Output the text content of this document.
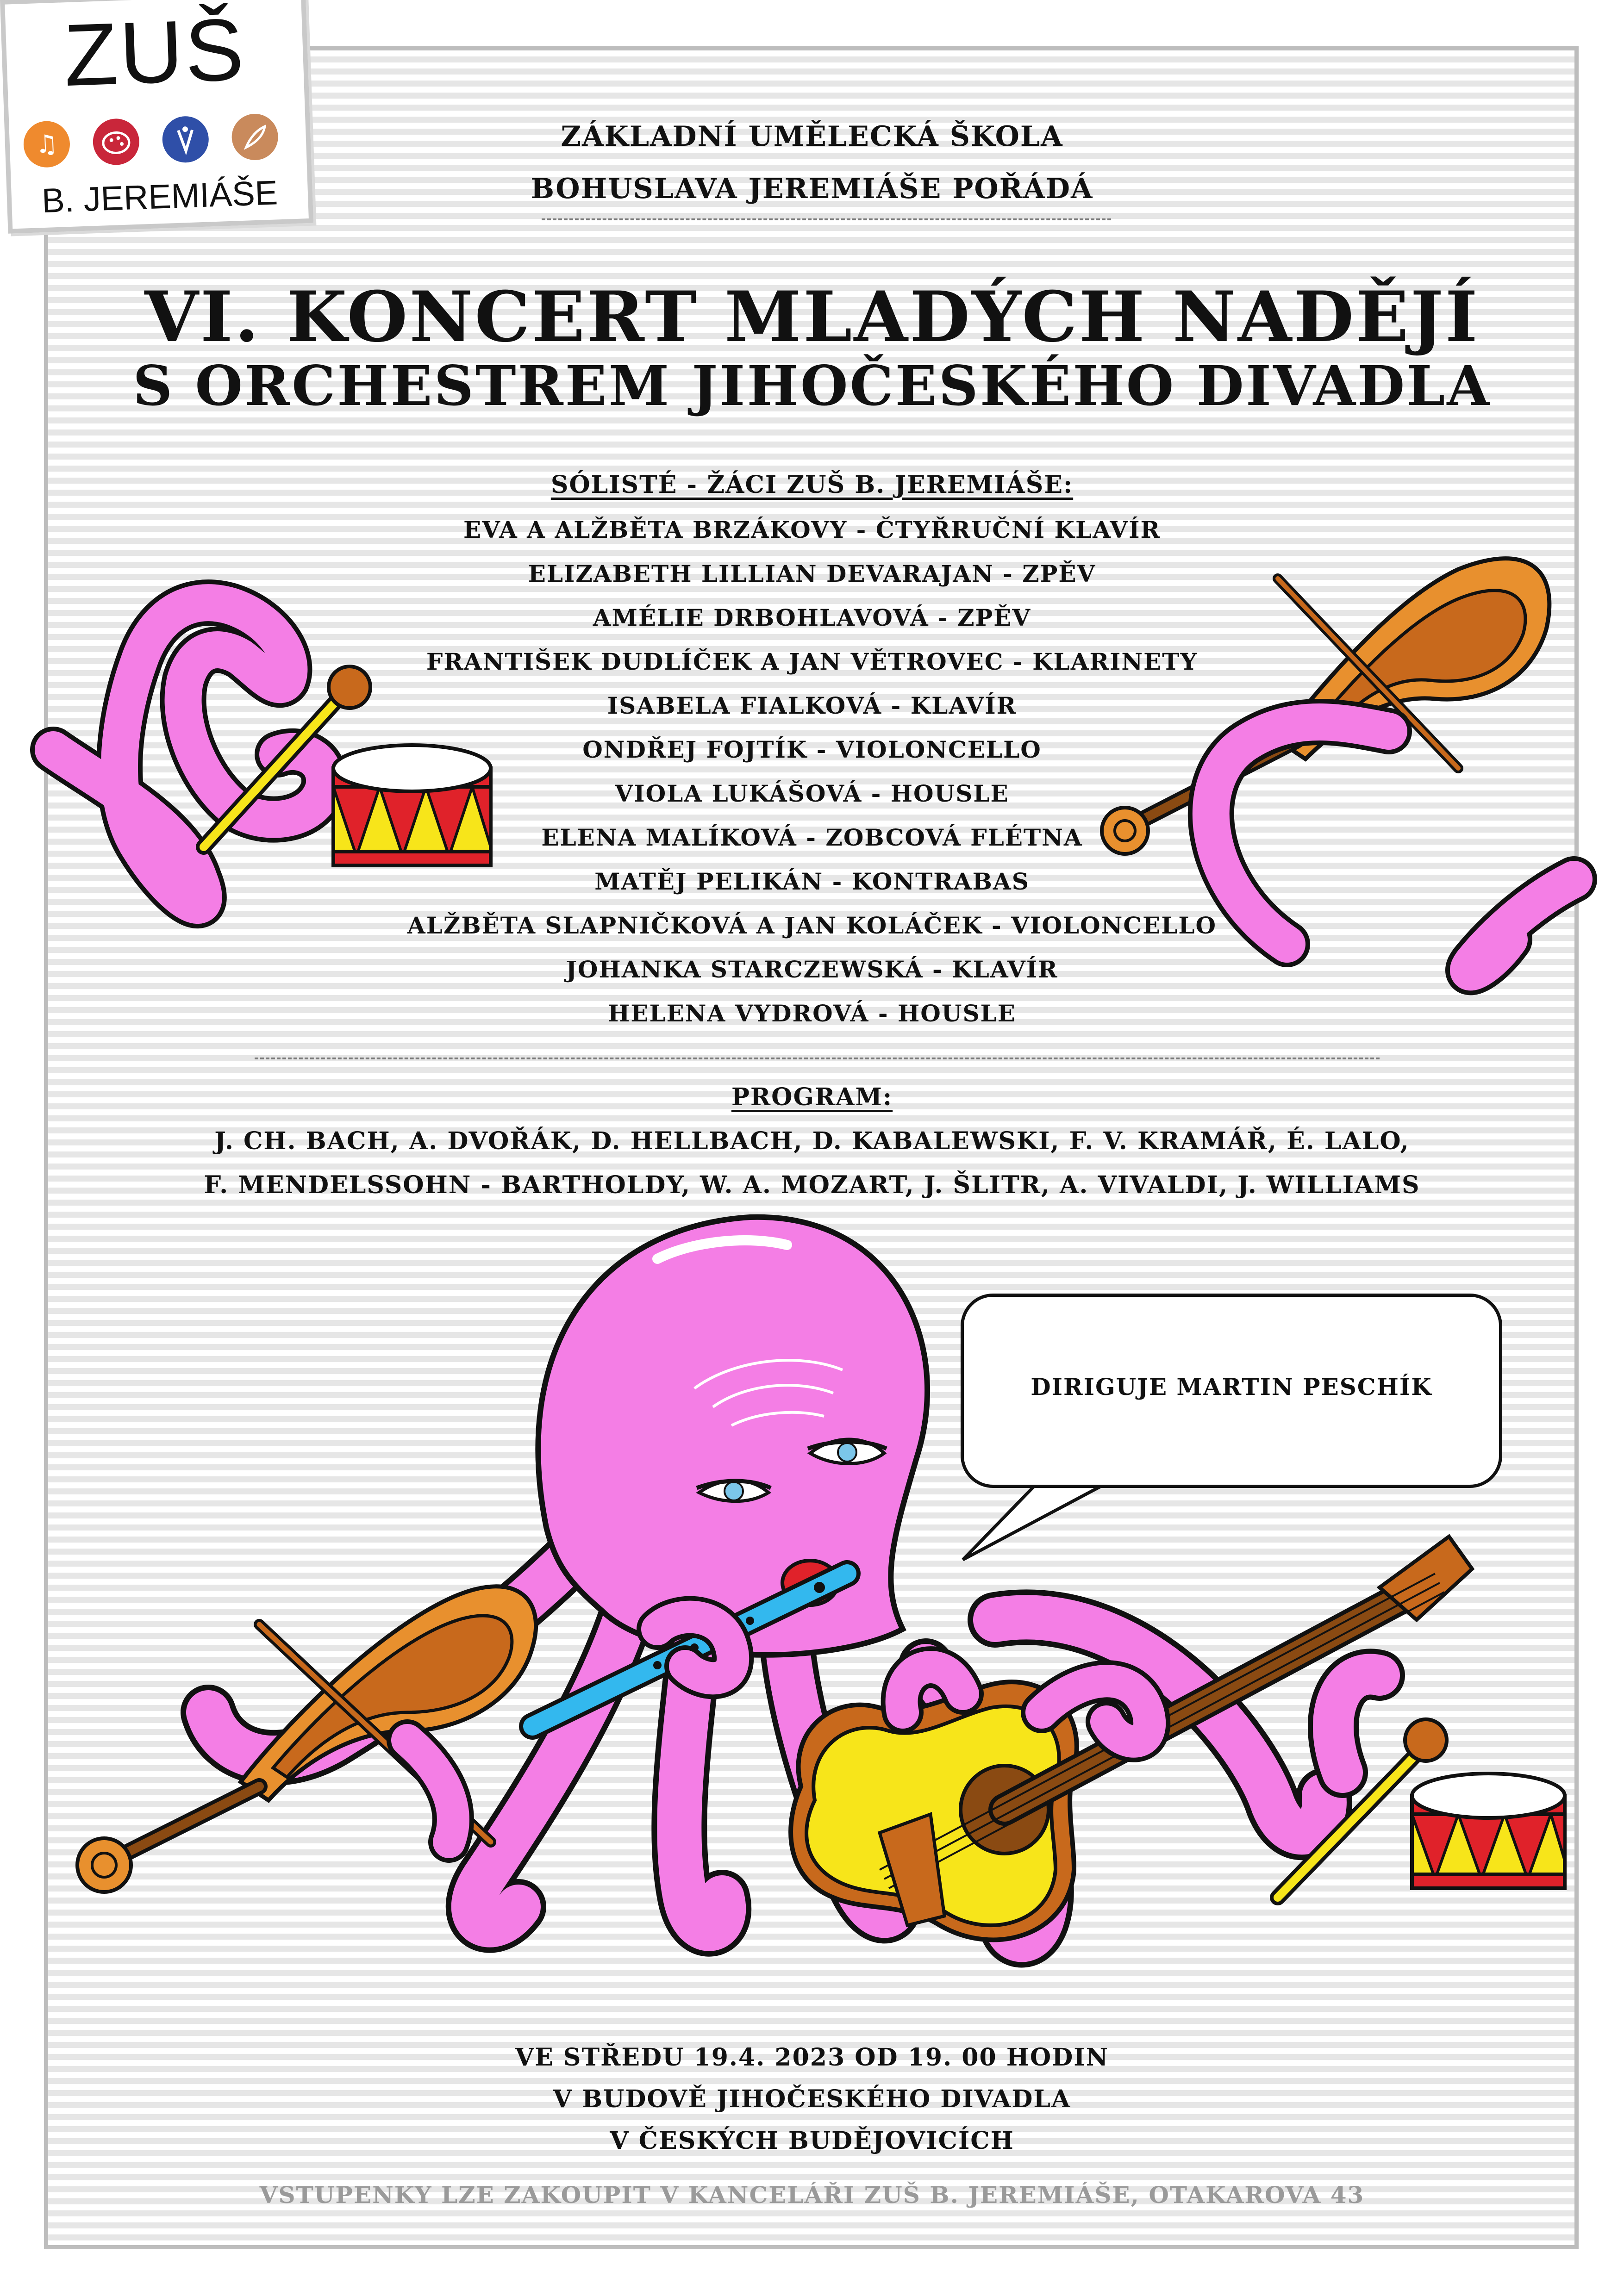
ZUŠ
♫
B. JEREMIÁŠE

ZÁKLADNÍ UMĚLECKÁ ŠKOLA

BOHUSLAVA JEREMIÁŠE POŘÁDÁ

VI. KONCERT MLADÝCH NADĚJÍ

S ORCHESTREM JIHOČESKÉHO DIVADLA

SÓLISTÉ - ŽÁCI ZUŠ B. JEREMIÁŠE:

EVA A ALŽBĚTA BRZÁKOVY - ČTYŘRUČNÍ KLAVÍR

ELIZABETH LILLIAN DEVARAJAN - ZPĚV

AMÉLIE DRBOHLAVOVÁ - ZPĚV

FRANTIŠEK DUDLÍČEK A JAN VĚTROVEC - KLARINETY

ISABELA FIALKOVÁ - KLAVÍR

ONDŘEJ FOJTÍK - VIOLONCELLO

VIOLA LUKÁŠOVÁ - HOUSLE

ELENA MALÍKOVÁ - ZOBCOVÁ FLÉTNA

MATĚJ PELIKÁN - KONTRABAS

ALŽBĚTA SLAPNIČKOVÁ A JAN KOLÁČEK - VIOLONCELLO

JOHANKA STARCZEWSKÁ - KLAVÍR

HELENA VYDROVÁ - HOUSLE

PROGRAM:

J. CH. BACH, A. DVOŘÁK, D. HELLBACH, D. KABALEWSKI, F. V. KRAMÁŘ, É. LALO,

F. MENDELSSOHN - BARTHOLDY, W. A. MOZART, J. ŠLITR, A. VIVALDI, J. WILLIAMS

DIRIGUJE MARTIN PESCHÍK

VE STŘEDU 19.4. 2023 OD 19. 00 HODIN

V BUDOVĚ JIHOČESKÉHO DIVADLA

V ČESKÝCH BUDĚJOVICÍCH

VSTUPENKY LZE ZAKOUPIT V KANCELÁŘI ZUŠ B. JEREMIÁŠE, OTAKAROVA 43
